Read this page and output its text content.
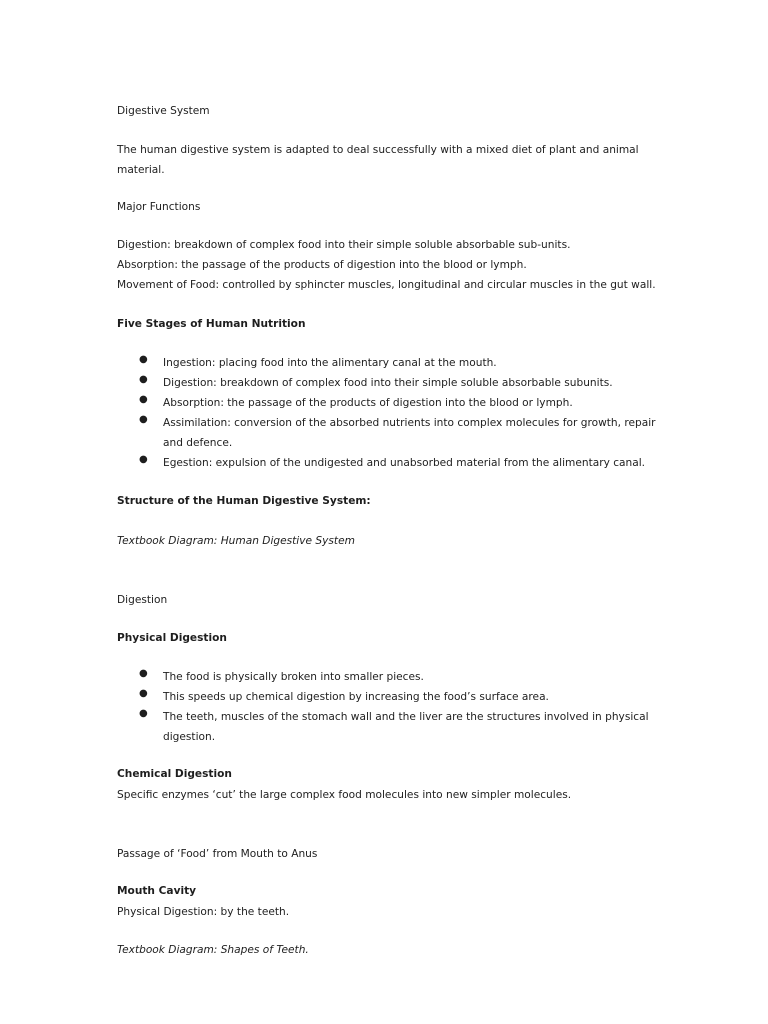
Digestive System
The human digestive system is adapted to deal successfully with a mixed diet of plant and animal
material.
Major Functions
Digestion: breakdown of complex food into their simple soluble absorbable sub-units.
Absorption: the passage of the products of digestion into the blood or lymph.
Movement of Food: controlled by sphincter muscles, longitudinal and circular muscles in the gut wall.
Five Stages of Human Nutrition
● Ingestion: placing food into the alimentary canal at the mouth.
● Digestion: breakdown of complex food into their simple soluble absorbable subunits.
● Absorption: the passage of the products of digestion into the blood or lymph.
● Assimilation: conversion of the absorbed nutrients into complex molecules for growth, repair and defence.
● Egestion: expulsion of the undigested and unabsorbed material from the alimentary canal.
Structure of the Human Digestive System:
Textbook Diagram: Human Digestive System
Digestion
Physical Digestion
● The food is physically broken into smaller pieces.
● This speeds up chemical digestion by increasing the food’s surface area.
● The teeth, muscles of the stomach wall and the liver are the structures involved in physical digestion.
Chemical Digestion
Specific enzymes ‘cut’ the large complex food molecules into new simpler molecules.
Passage of ‘Food’ from Mouth to Anus
Mouth Cavity
Physical Digestion: by the teeth.
Textbook Diagram: Shapes of Teeth.
